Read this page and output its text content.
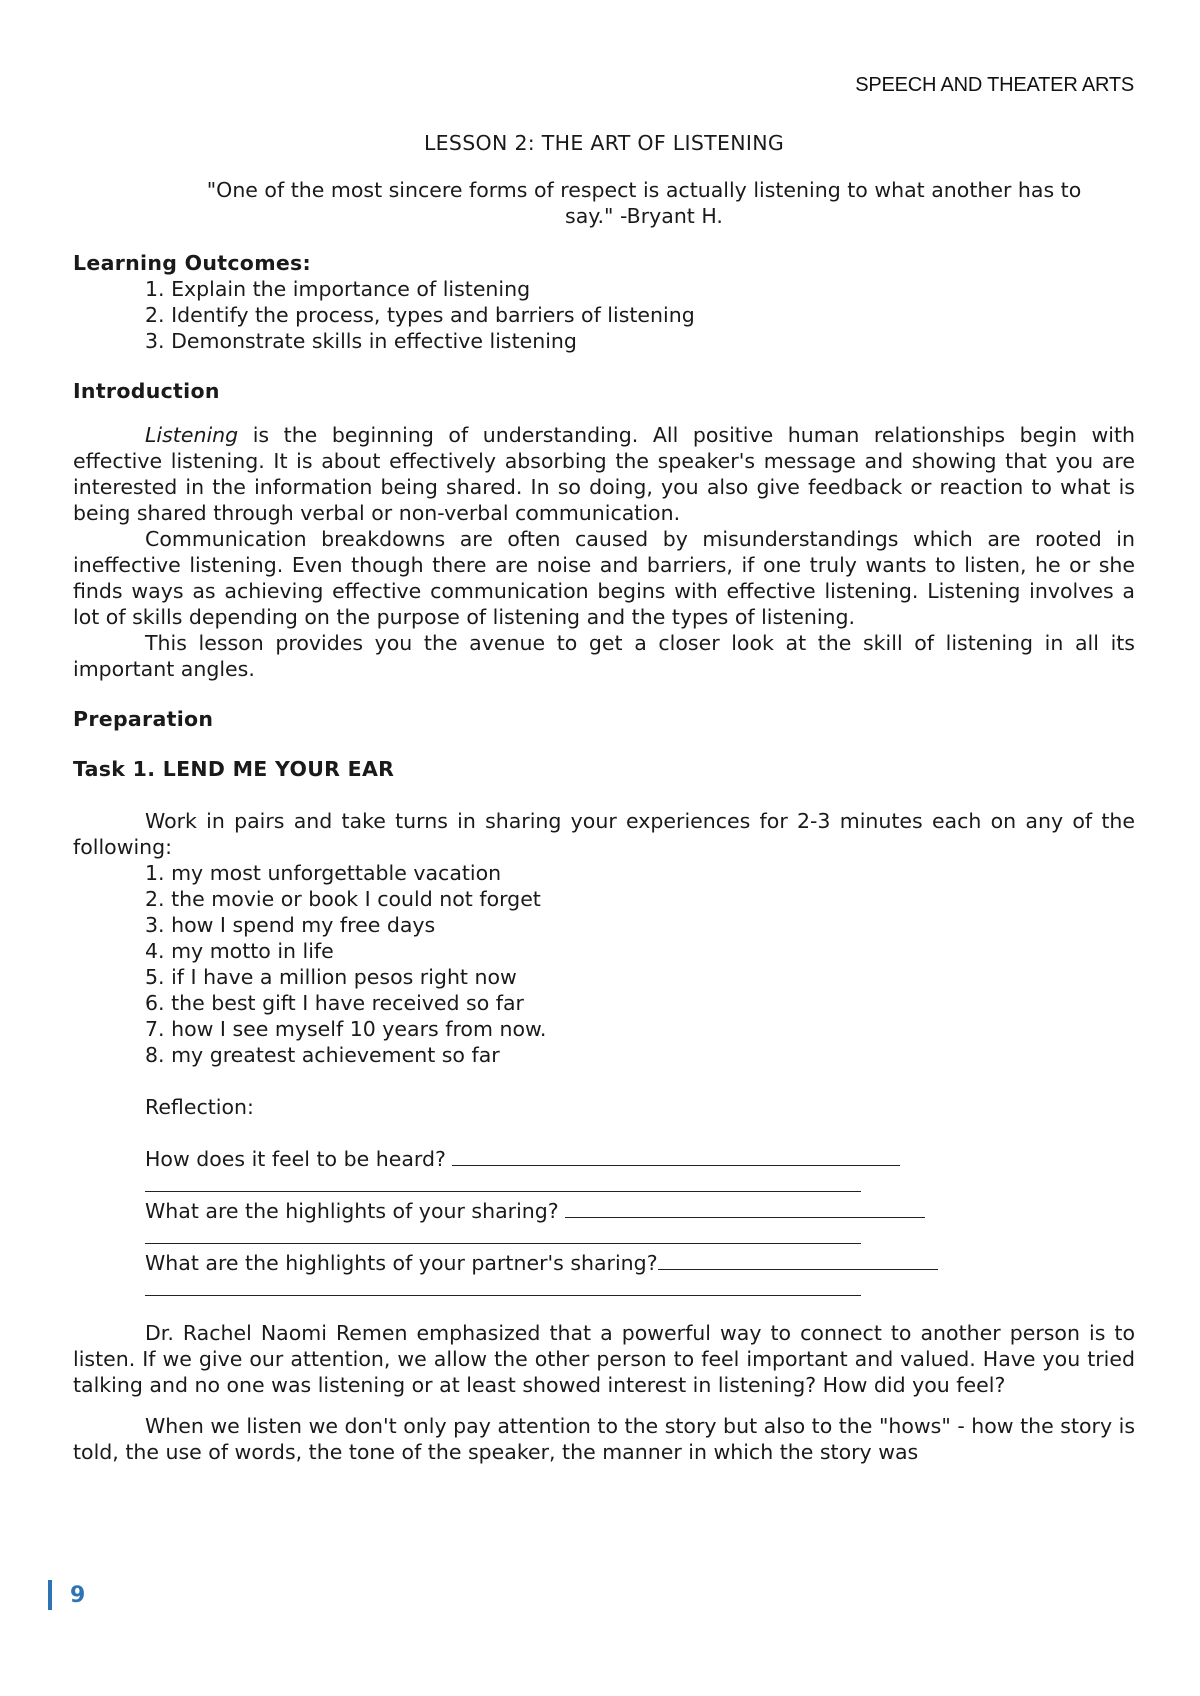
SPEECH AND THEATER ARTS
LESSON 2: THE ART OF LISTENING
"One of the most sincere forms of respect is actually listening to what another has to
say." -Bryant H.
Learning Outcomes:
1. Explain the importance of listening
2. Identify the process, types and barriers of listening
3. Demonstrate skills in effective listening
Introduction

Listening is the beginning of understanding. All positive human relationships begin with effective listening. It is about effectively absorbing the speaker's message and showing that you are interested in the information being shared. In so doing, you also give feedback or reaction to what is being shared through verbal or non-verbal communication.

Communication breakdowns are often caused by misunderstandings which are rooted in ineffective listening. Even though there are noise and barriers, if one truly wants to listen, he or she finds ways as achieving effective communication begins with effective listening. Listening involves a lot of skills depending on the purpose of listening and the types of listening.

This lesson provides you the avenue to get a closer look at the skill of listening in all its important angles.

Preparation
Task 1. LEND ME YOUR EAR

Work in pairs and take turns in sharing your experiences for 2-3 minutes each on any of the following:

1. my most unforgettable vacation
2. the movie or book I could not forget
3. how I spend my free days
4. my motto in life
5. if I have a million pesos right now
6. the best gift I have received so far
7. how I see myself 10 years from now.
8. my greatest achievement so far
Reflection:
How does it feel to be heard?
What are the highlights of your sharing?
What are the highlights of your partner's sharing?

Dr. Rachel Naomi Remen emphasized that a powerful way to connect to another person is to listen. If we give our attention, we allow the other person to feel important and valued. Have you tried talking and no one was listening or at least showed interest in listening? How did you feel?

When we listen we don't only pay attention to the story but also to the "hows" - how the story is told, the use of words, the tone of the speaker, the manner in which the story was

9
